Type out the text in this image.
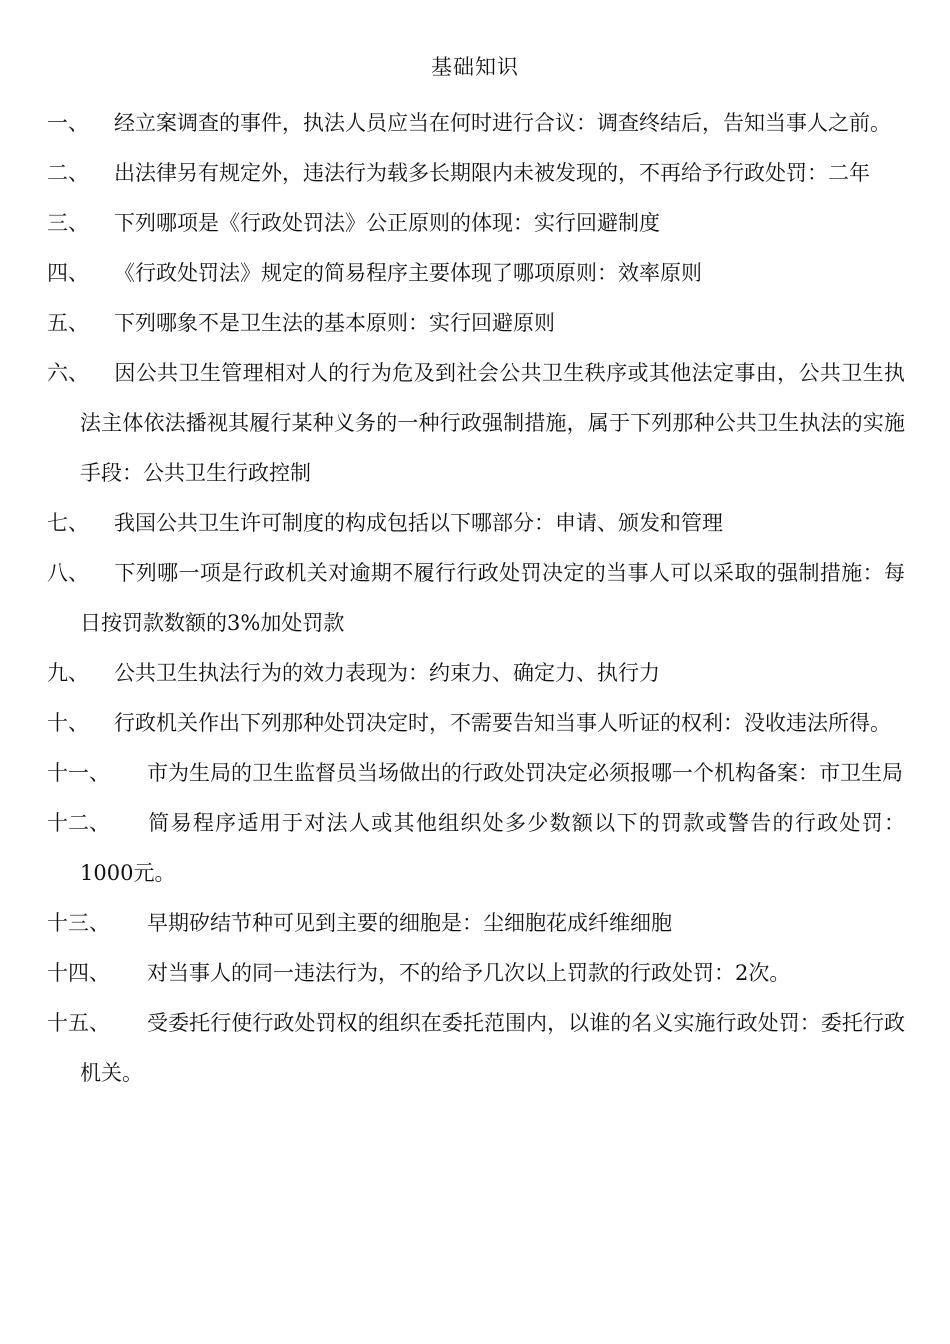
基础知识
一、	经立案调查的事件，执法人员应当在何时进行合议：调查终结后，告知当事人之前。
二、	出法律另有规定外，违法行为载多长期限内未被发现的，不再给予行政处罚：二年
三、	下列哪项是《行政处罚法》公正原则的体现：实行回避制度
四、	《行政处罚法》规定的简易程序主要体现了哪项原则：效率原则
五、	下列哪象不是卫生法的基本原则：实行回避原则
六、	因公共卫生管理相对人的行为危及到社会公共卫生秩序或其他法定事由，公共卫生执法主体依法播视其履行某种义务的一种行政强制措施，属于下列那种公共卫生执法的实施手段：公共卫生行政控制
七、	我国公共卫生许可制度的构成包括以下哪部分：申请、颁发和管理
八、	下列哪一项是行政机关对逾期不履行行政处罚决定的当事人可以采取的强制措施：每日按罚款数额的3%加处罚款
九、	公共卫生执法行为的效力表现为：约束力、确定力、执行力
十、	行政机关作出下列那种处罚决定时，不需要告知当事人听证的权利：没收违法所得。
十一、	市为生局的卫生监督员当场做出的行政处罚决定必须报哪一个机构备案：市卫生局
十二、	简易程序适用于对法人或其他组织处多少数额以下的罚款或警告的行政处罚：1000元。
十三、	早期矽结节种可见到主要的细胞是：尘细胞花成纤维细胞
十四、	对当事人的同一违法行为，不的给予几次以上罚款的行政处罚：2次。
十五、	受委托行使行政处罚权的组织在委托范围内，以谁的名义实施行政处罚：委托行政机关。
